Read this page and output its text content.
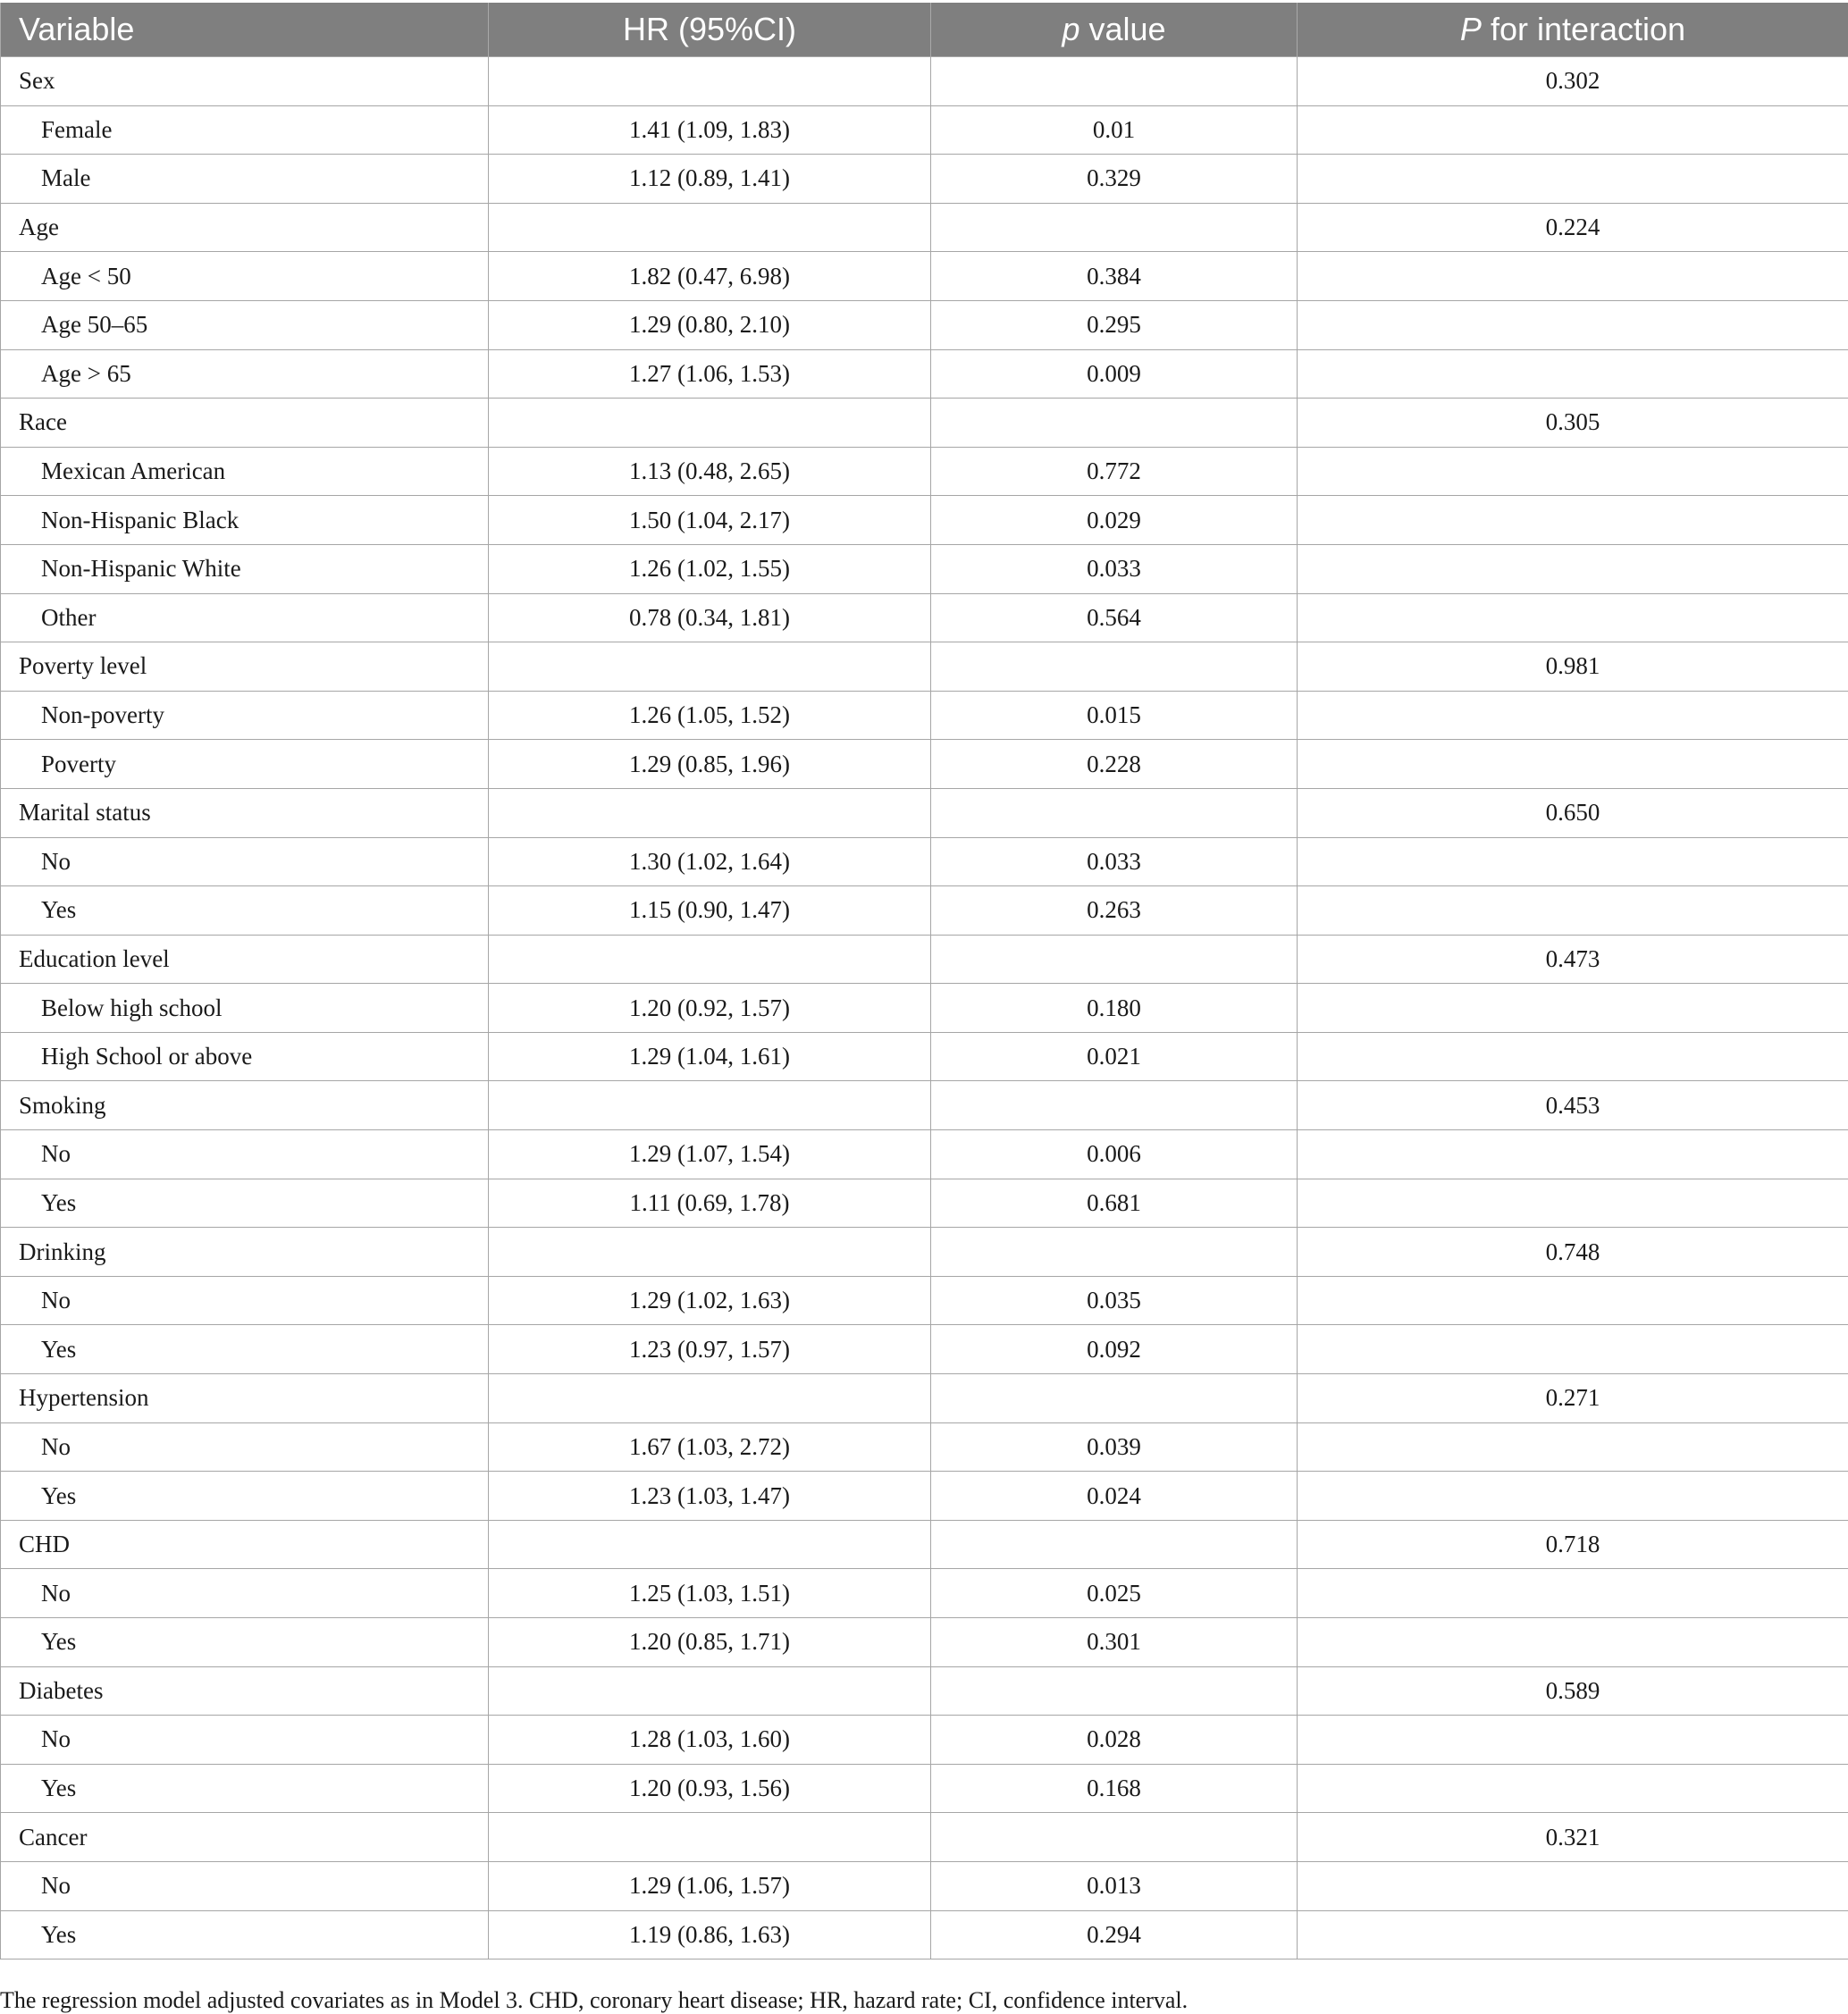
Variable	HR (95%CI)	p value	P for interaction
Sex			0.302
Female	1.41 (1.09, 1.83)	0.01	
Male	1.12 (0.89, 1.41)	0.329	
Age			0.224
Age < 50	1.82 (0.47, 6.98)	0.384	
Age 50–65	1.29 (0.80, 2.10)	0.295	
Age > 65	1.27 (1.06, 1.53)	0.009	
Race			0.305
Mexican American	1.13 (0.48, 2.65)	0.772	
Non-Hispanic Black	1.50 (1.04, 2.17)	0.029	
Non-Hispanic White	1.26 (1.02, 1.55)	0.033	
Other	0.78 (0.34, 1.81)	0.564	
Poverty level			0.981
Non-poverty	1.26 (1.05, 1.52)	0.015	
Poverty	1.29 (0.85, 1.96)	0.228	
Marital status			0.650
No	1.30 (1.02, 1.64)	0.033	
Yes	1.15 (0.90, 1.47)	0.263	
Education level			0.473
Below high school	1.20 (0.92, 1.57)	0.180	
High School or above	1.29 (1.04, 1.61)	0.021	
Smoking			0.453
No	1.29 (1.07, 1.54)	0.006	
Yes	1.11 (0.69, 1.78)	0.681	
Drinking			0.748
No	1.29 (1.02, 1.63)	0.035	
Yes	1.23 (0.97, 1.57)	0.092	
Hypertension			0.271
No	1.67 (1.03, 2.72)	0.039	
Yes	1.23 (1.03, 1.47)	0.024	
CHD			0.718
No	1.25 (1.03, 1.51)	0.025	
Yes	1.20 (0.85, 1.71)	0.301	
Diabetes			0.589
No	1.28 (1.03, 1.60)	0.028	
Yes	1.20 (0.93, 1.56)	0.168	
Cancer			0.321
No	1.29 (1.06, 1.57)	0.013	
Yes	1.19 (0.86, 1.63)	0.294	
The regression model adjusted covariates as in Model 3. CHD, coronary heart disease; HR, hazard rate; CI, confidence interval.
